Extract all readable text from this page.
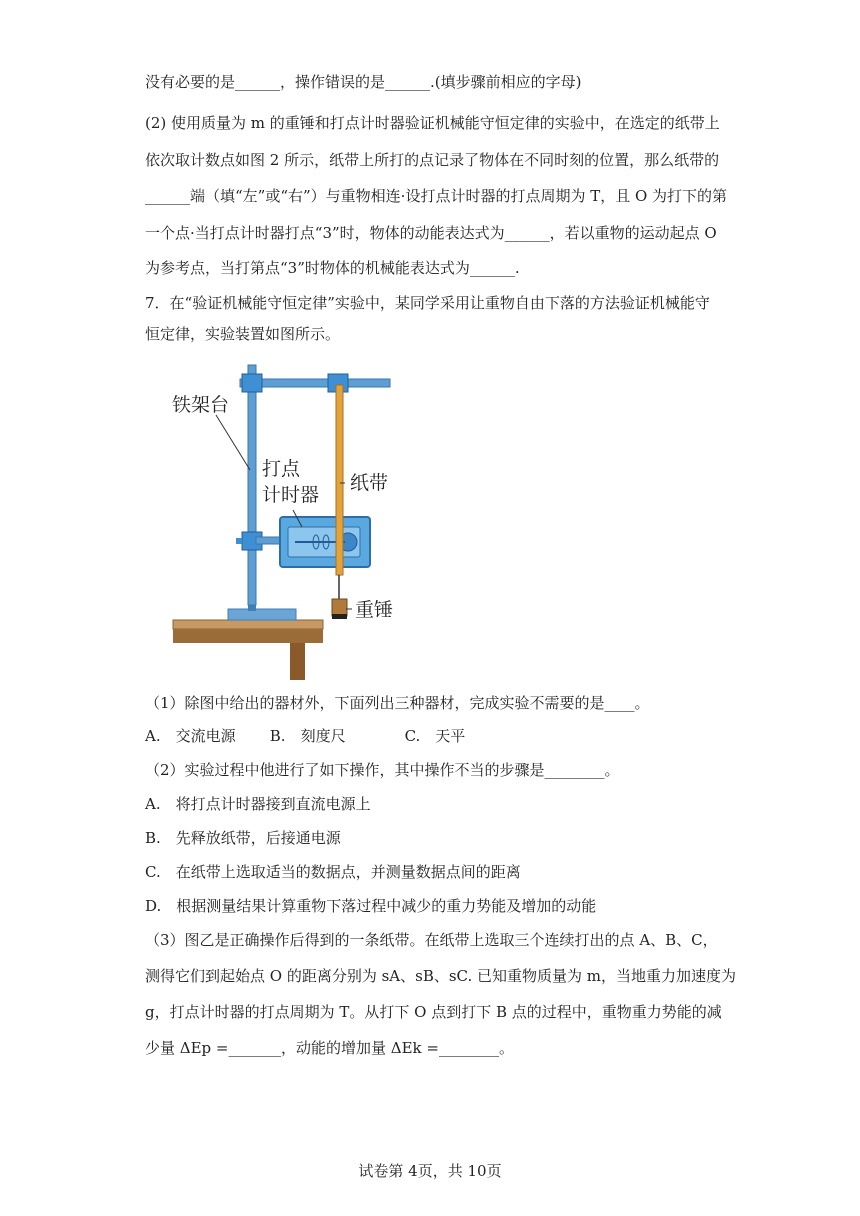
没有必要的是______，操作错误的是______.(填步骤前相应的字母)
(2) 使用质量为 m 的重锤和打点计时器验证机械能守恒定律的实验中，在选定的纸带上
依次取计数点如图 2 所示，纸带上所打的点记录了物体在不同时刻的位置，那么纸带的
______端（填“左”或“右”）与重物相连·设打点计时器的打点周期为 T，且 O 为打下的第
一个点·当打点计时器打点“3”时，物体的动能表达式为______，若以重物的运动起点 O
为参考点，当打第点“3”时物体的机械能表达式为______.
7．在“验证机械能守恒定律”实验中，某同学采用让重物自由下落的方法验证机械能守
恒定律，实验装置如图所示。
铁架台
打点
计时器
纸带
重锤
（1）除图中给出的器材外，下面列出三种器材，完成实验不需要的是____。
A.　交流电源 B.　刻度尺	C.　天平
（2）实验过程中他进行了如下操作，其中操作不当的步骤是________。
A.　将打点计时器接到直流电源上
B.　先释放纸带，后接通电源
C.　在纸带上选取适当的数据点，并测量数据点间的距离
D.　根据测量结果计算重物下落过程中减少的重力势能及增加的动能
（3）图乙是正确操作后得到的一条纸带。在纸带上选取三个连续打出的点 A、B、C，
测得它们到起始点 O 的距离分别为 sA、sB、sC. 已知重物质量为 m，当地重力加速度为
g，打点计时器的打点周期为 T。从打下 O 点到打下 B 点的过程中，重物重力势能的减
少量 ΔEp =_______，动能的增加量 ΔEk =________。
试卷第 4页，共 10页
